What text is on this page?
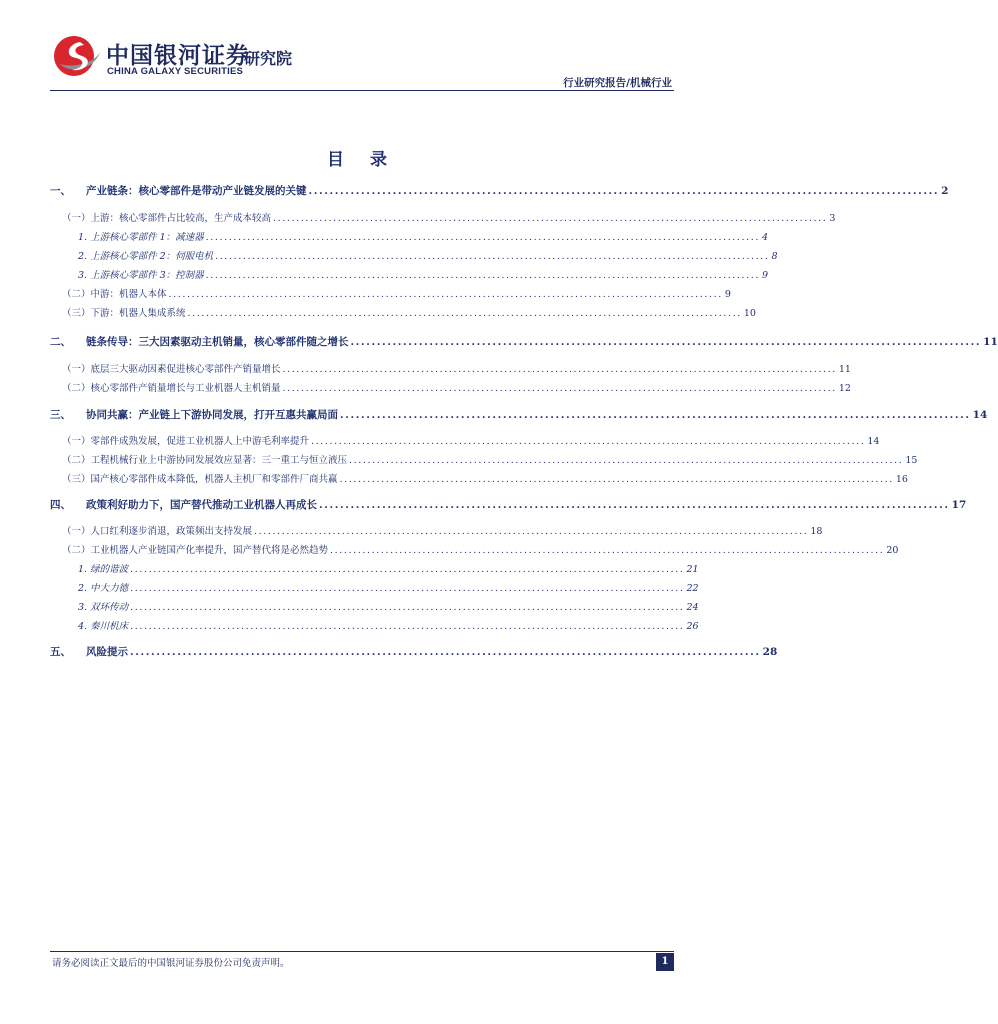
中国银河证券
研究院
CHINA GALAXY SECURITIES
行业研究报告/机械行业
目 录
一、 产业链条：核心零部件是带动产业链发展的关键 ........................................................................................................................ 2
（一）上游：核心零部件占比较高，生产成本较高 ........................................................................................................................ 3
1. 上游核心零部件 1：减速器 ........................................................................................................................ 4
2. 上游核心零部件 2：伺服电机 ........................................................................................................................ 8
3. 上游核心零部件 3：控制器 ........................................................................................................................ 9
（二）中游：机器人本体 ........................................................................................................................ 9
（三）下游：机器人集成系统 ........................................................................................................................ 10
二、 链条传导：三大因素驱动主机销量，核心零部件随之增长 ........................................................................................................................ 11
（一）底层三大驱动因素促进核心零部件产销量增长 ........................................................................................................................ 11
（二）核心零部件产销量增长与工业机器人主机销量 ........................................................................................................................ 12
三、 协同共赢：产业链上下游协同发展，打开互惠共赢局面 ........................................................................................................................ 14
（一）零部件成熟发展，促进工业机器人上中游毛利率提升 ........................................................................................................................ 14
（二）工程机械行业上中游协同发展效应显著：三一重工与恒立液压 ........................................................................................................................ 15
（三）国产核心零部件成本降低，机器人主机厂和零部件厂商共赢 ........................................................................................................................ 16
四、 政策利好助力下，国产替代推动工业机器人再成长 ........................................................................................................................ 17
（一）人口红利逐步消退，政策频出支持发展 ........................................................................................................................ 18
（二）工业机器人产业链国产化率提升，国产替代将是必然趋势 ........................................................................................................................ 20
1. 绿的谐波 ........................................................................................................................ 21
2. 中大力德 ........................................................................................................................ 22
3. 双环传动 ........................................................................................................................ 24
4. 秦川机床 ........................................................................................................................ 26
五、 风险提示 ........................................................................................................................ 28
请务必阅读正文最后的中国银河证券股份公司免责声明。	1
